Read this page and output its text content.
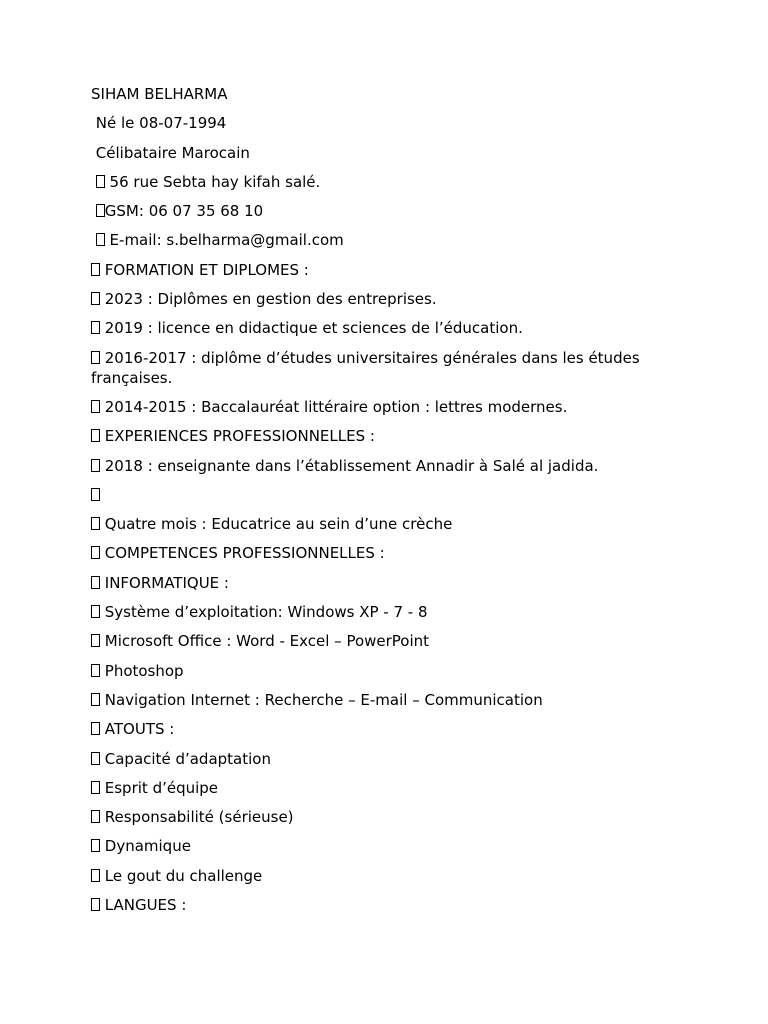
SIHAM BELHARMA
Né le 08-07-1994
Célibataire Marocain
56 rue Sebta hay kifah salé.
GSM: 06 07 35 68 10
E-mail: s.belharma@gmail.com
FORMATION ET DIPLOMES :
2023 : Diplômes en gestion des entreprises.
2019 : licence en didactique et sciences de l’éducation.
2016-2017 : diplôme d’études universitaires générales dans les études françaises.
2014-2015 : Baccalauréat littéraire option : lettres modernes.
EXPERIENCES PROFESSIONNELLES :
2018 : enseignante dans l’établissement Annadir à Salé al jadida.
Quatre mois : Educatrice au sein d’une crèche
COMPETENCES PROFESSIONNELLES :
INFORMATIQUE :
Système d’exploitation: Windows XP - 7 - 8
Microsoft Office : Word - Excel – PowerPoint
Photoshop
Navigation Internet : Recherche – E-mail – Communication
ATOUTS :
Capacité d’adaptation
Esprit d’équipe
Responsabilité (sérieuse)
Dynamique
Le gout du challenge
LANGUES :
